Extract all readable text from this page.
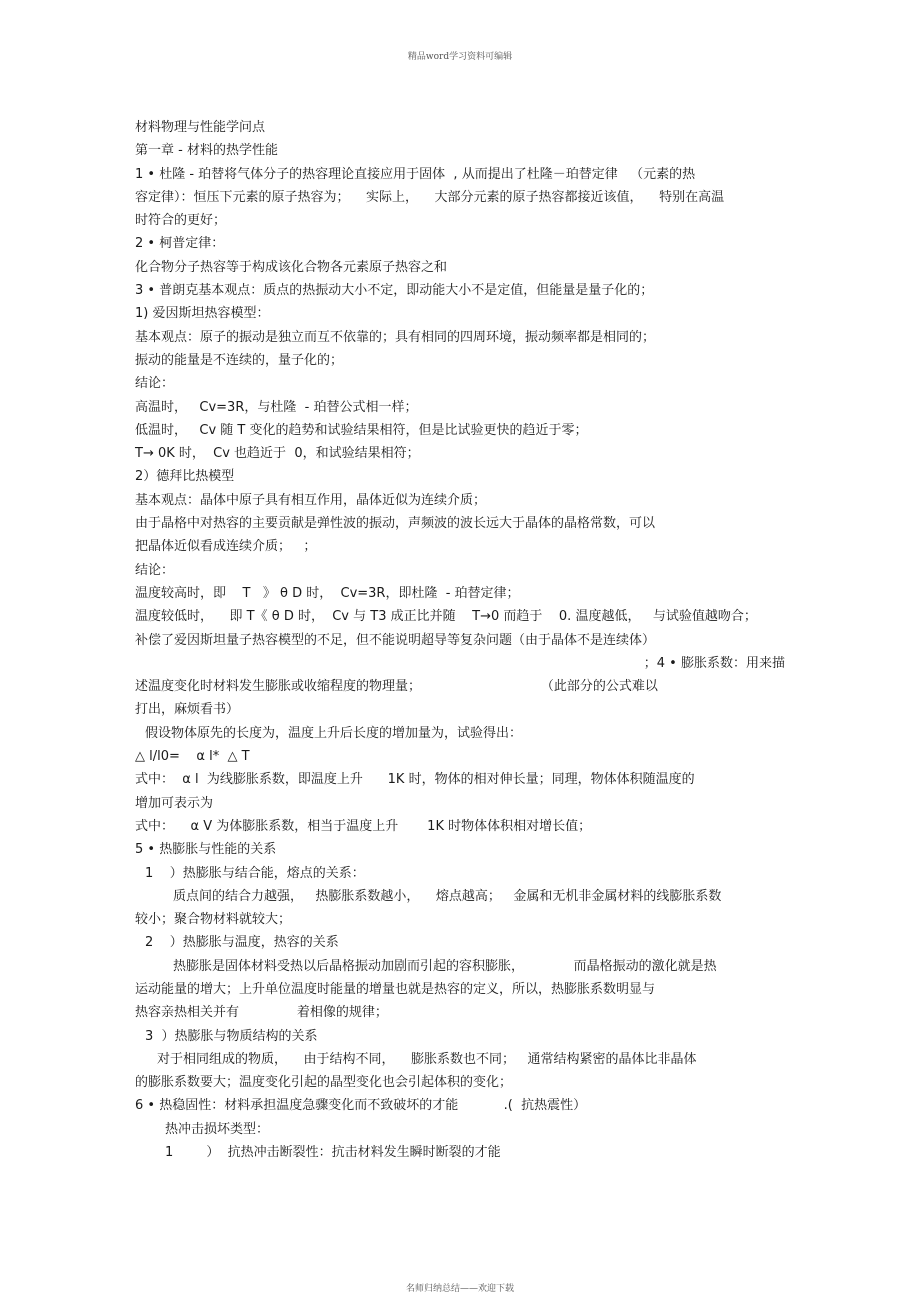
精品word学习资料可编辑
材料物理与性能学问点
第一章 - 材料的热学性能
1 • 杜隆 - 珀替将气体分子的热容理论直接应用于固体  , 从而提出了杜隆－珀替定律   （元素的热
容定律）：恒压下元素的原子热容为；    实际上，    大部分元素的原子热容都接近该值，    特别在高温
时符合的更好；
2 • 柯普定律：
化合物分子热容等于构成该化合物各元素原子热容之和
3 • 普朗克基本观点：质点的热振动大小不定，即动能大小不是定值，但能量是量子化的；
1) 爱因斯坦热容模型：
基本观点：原子的振动是独立而互不依靠的；具有相同的四周环境，振动频率都是相同的；
振动的能量是不连续的，量子化的；
结论：
高温时，   Cv=3R，与杜隆  - 珀替公式相一样；
低温时，   Cv 随 T 变化的趋势和试验结果相符，但是比试验更快的趋近于零；
T→ 0K 时，  Cv 也趋近于  0，和试验结果相符；
2）德拜比热模型
基本观点：晶体中原子具有相互作用，晶体近似为连续介质；
由于晶格中对热容的主要贡献是弹性波的振动，声频波的波长远大于晶体的晶格常数，可以
把晶体近似看成连续介质；   ；
结论：
温度较高时，即    T   》 θ D 时，  Cv=3R，即杜隆  - 珀替定律；
温度较低时，    即 T《 θ D 时，  Cv 与 T3 成正比并随    T→0 而趋于    0. 温度越低，   与试验值越吻合；
补偿了爱因斯坦量子热容模型的不足，但不能说明超导等复杂问题（由于晶体不是连续体）
；4 • 膨胀系数：用来描
述温度变化时材料发生膨胀或收缩程度的物理量；                             （此部分的公式难以
打出，麻烦看书）
假设物体原先的长度为，温度上升后长度的增加量为，试验得出：
△ l/l0=    α l*  △ T
式中：  α l  为线膨胀系数，即温度上升      1K 时，物体的相对伸长量；同理，物体体积随温度的
增加可表示为
式中：    α V 为体膨胀系数，相当于温度上升       1K 时物体体积相对增长值；
5 • 热膨胀与性能的关系
1    ）热膨胀与结合能，熔点的关系：
质点间的结合力越强，   热膨胀系数越小，    熔点越高；   金属和无机非金属材料的线膨胀系数
较小；聚合物材料就较大；
2    ）热膨胀与温度，热容的关系
热膨胀是固体材料受热以后晶格振动加剧而引起的容积膨胀，            而晶格振动的激化就是热
运动能量的增大；上升单位温度时能量的增量也就是热容的定义，所以，热膨胀系数明显与
热容亲热相关并有              着相像的规律；
3  ）热膨胀与物质结构的关系
对于相同组成的物质，    由于结构不同，    膨胀系数也不同；   通常结构紧密的晶体比非晶体
的膨胀系数要大；温度变化引起的晶型变化也会引起体积的变化；
6 • 热稳固性：材料承担温度急骤变化而不致破坏的才能           .(  抗热震性）
热冲击损坏类型：
1        ）  抗热冲击断裂性：抗击材料发生瞬时断裂的才能
名师归纳总结——欢迎下载
